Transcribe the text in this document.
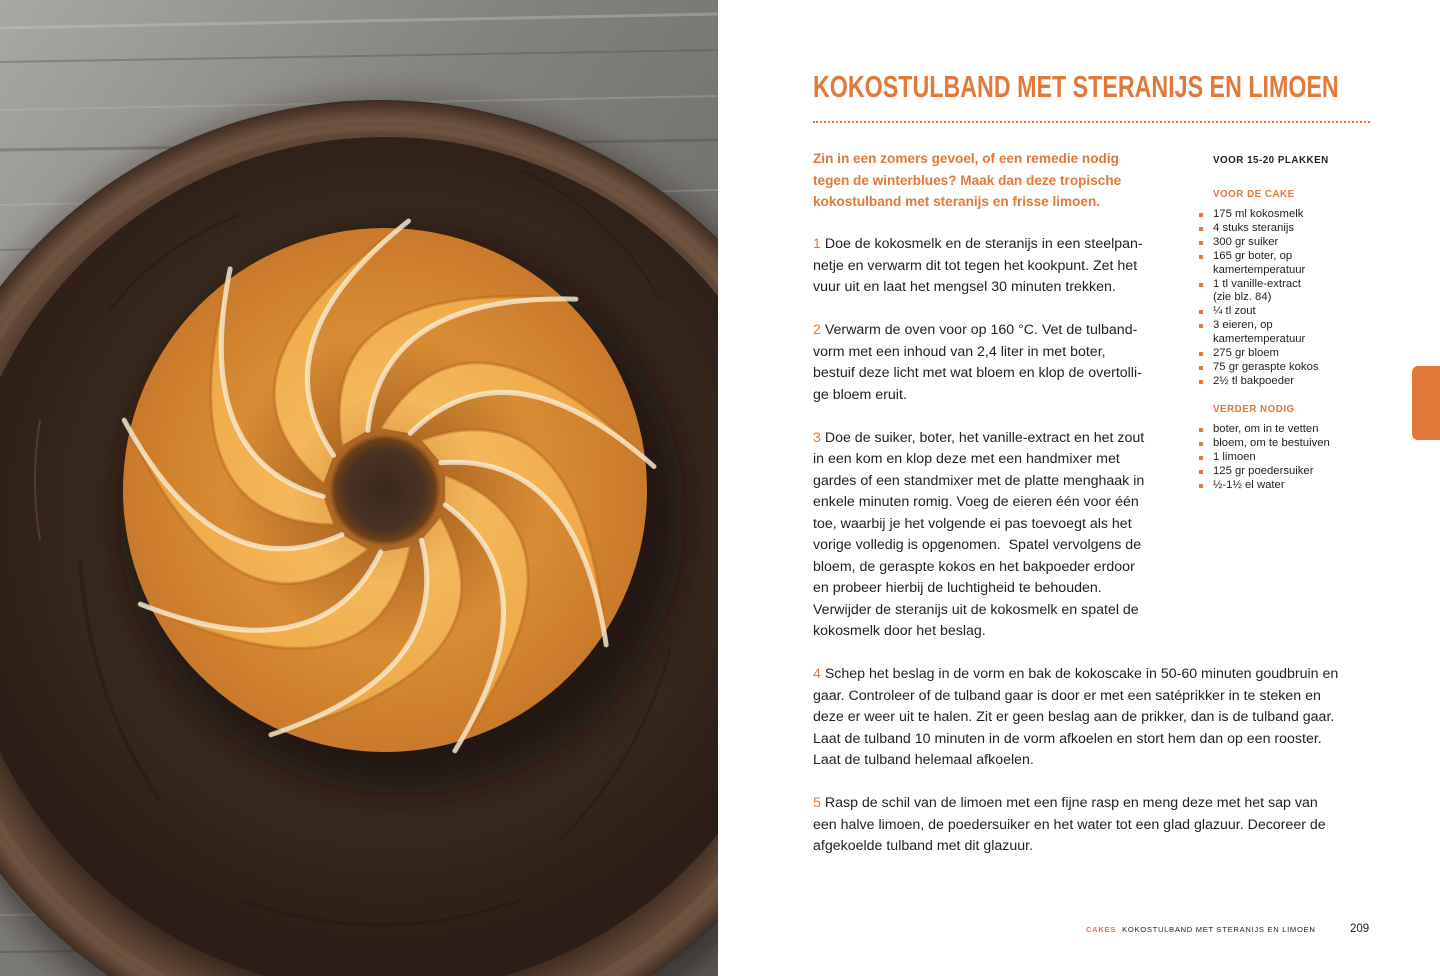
KOKOSTULBAND MET STERANIJS EN LIMOEN

Zin in een zomers gevoel, of een remedie nodig
tegen de winterblues? Maak dan deze tropische
kokostulband met steranijs en frisse limoen.

1 Doe de kokosmelk en de steranijs in een steelpan-
netje en verwarm dit tot tegen het kookpunt. Zet het
vuur uit en laat het mengsel 30 minuten trekken.

2 Verwarm de oven voor op 160 °C. Vet de tulband-
vorm met een inhoud van 2,4 liter in met boter,
bestuif deze licht met wat bloem en klop de overtolli-
ge bloem eruit.

3 Doe de suiker, boter, het vanille-extract en het zout
in een kom en klop deze met een handmixer met
gardes of een standmixer met de platte menghaak in
enkele minuten romig. Voeg de eieren één voor één
toe, waarbij je het volgende ei pas toevoegt als het
vorige volledig is opgenomen.  Spatel vervolgens de
bloem, de geraspte kokos en het bakpoeder erdoor
en probeer hierbij de luchtigheid te behouden.
Verwijder de steranijs uit de kokosmelk en spatel de
kokosmelk door het beslag.

4 Schep het beslag in de vorm en bak de kokoscake in 50-60 minuten goudbruin en
gaar. Controleer of de tulband gaar is door er met een satéprikker in te steken en
deze er weer uit te halen. Zit er geen beslag aan de prikker, dan is de tulband gaar.
Laat de tulband 10 minuten in de vorm afkoelen en stort hem dan op een rooster.
Laat de tulband helemaal afkoelen.

5 Rasp de schil van de limoen met een fijne rasp en meng deze met het sap van
een halve limoen, de poedersuiker en het water tot een glad glazuur. Decoreer de
afgekoelde tulband met dit glazuur.

VOOR 15-20 PLAKKEN
VOOR DE CAKE
175 ml kokosmelk
4 stuks steranijs
300 gr suiker
165 gr boter, op
kamertemperatuur
1 tl vanille-extract
(zie blz. 84)
¼ tl zout
3 eieren, op
kamertemperatuur
275 gr bloem
75 gr geraspte kokos
2½ tl bakpoeder
VERDER NODIG
boter, om in te vetten
bloem, om te bestuiven
1 limoen
125 gr poedersuiker
½-1½ el water
CAKES KOKOSTULBAND MET STERANIJS EN LIMOEN	209
